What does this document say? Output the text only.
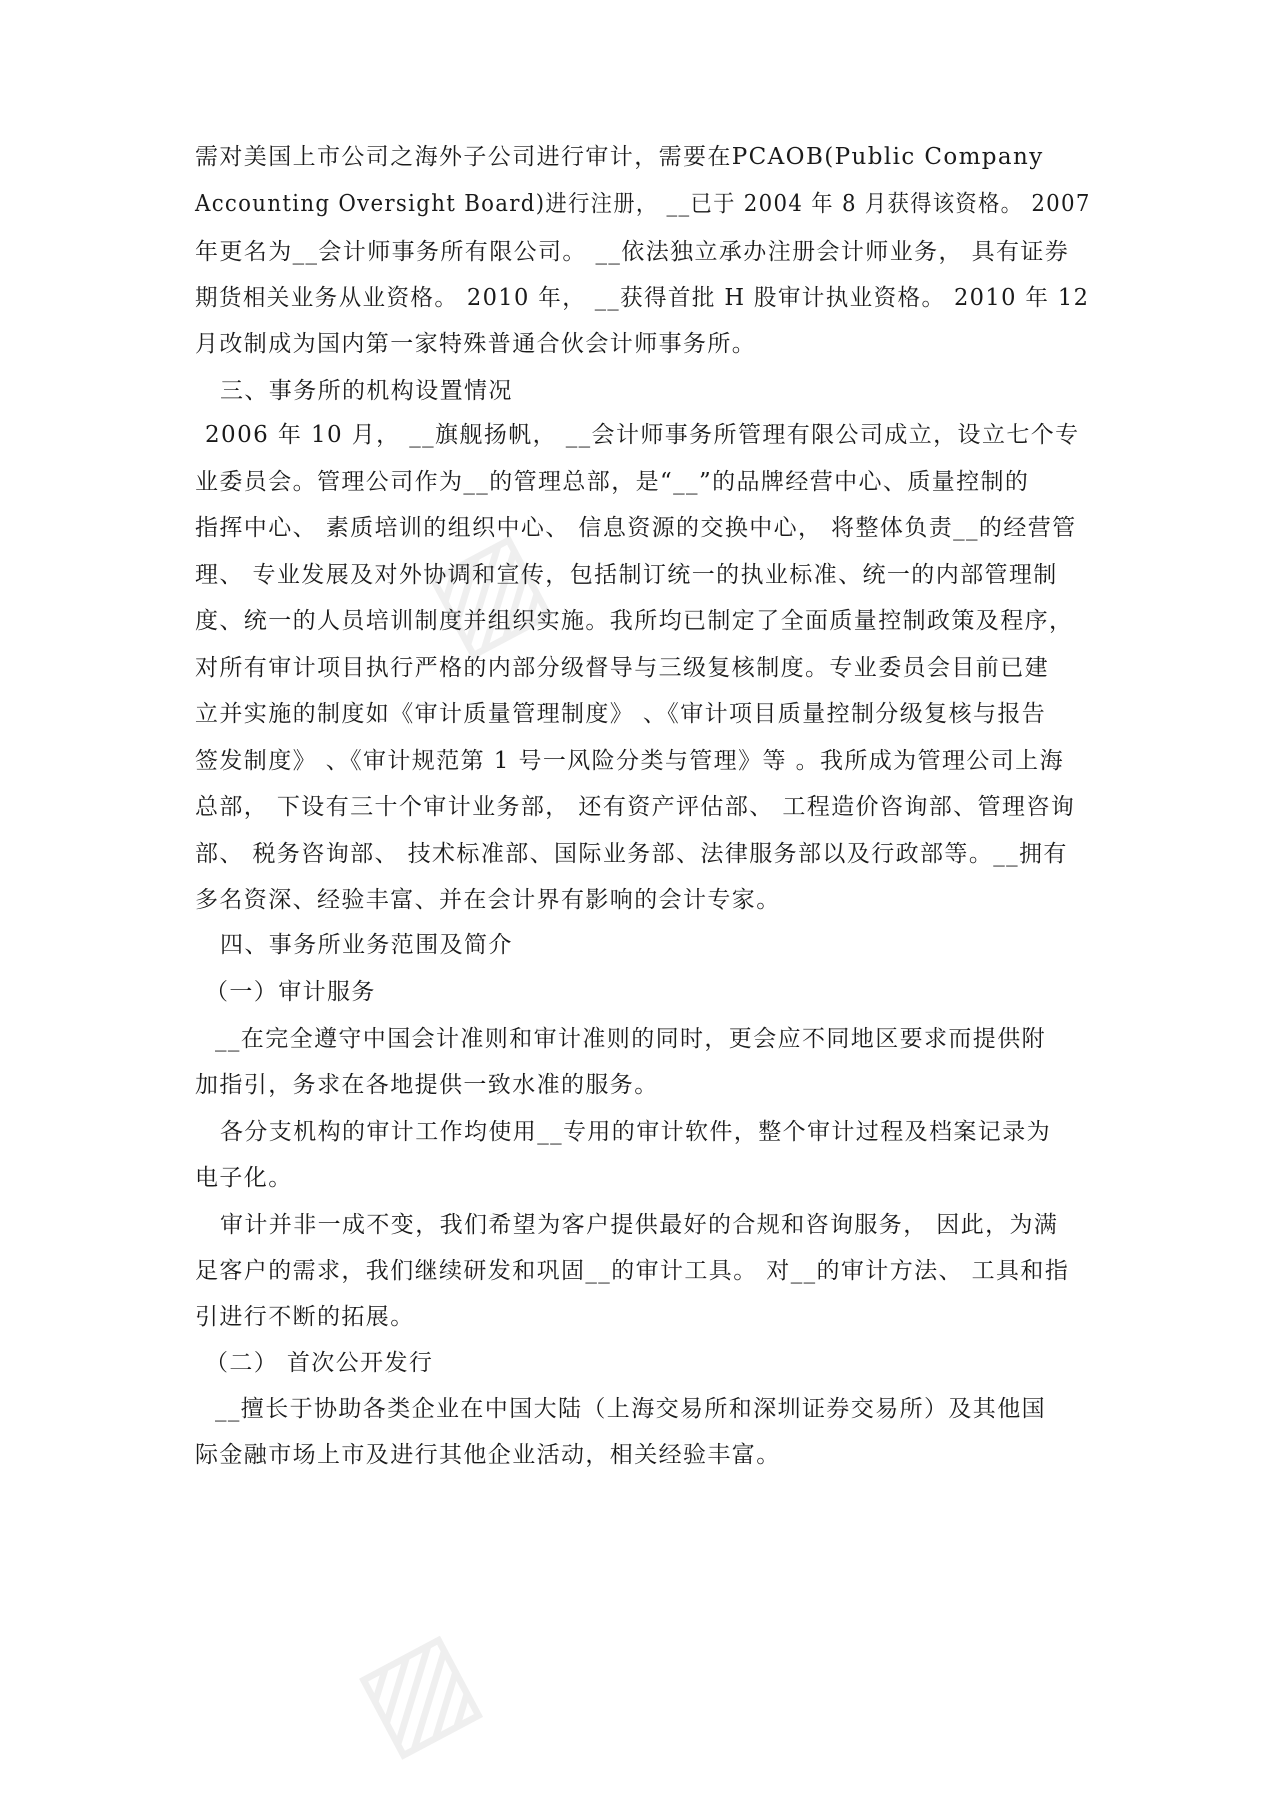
▨
▨
需对美国上市公司之海外子公司进行审计，需要在PCAOB(Public Company
Accounting Oversight Board)进行注册， __已于 2004 年 8 月获得该资格。 2007
年更名为__会计师事务所有限公司。 __依法独立承办注册会计师业务， 具有证券
期货相关业务从业资格。 2010 年， __获得首批 H 股审计执业资格。 2010 年 12
月改制成为国内第一家特殊普通合伙会计师事务所。
三、事务所的机构设置情况
2006 年 10 月， __旗舰扬帆， __会计师事务所管理有限公司成立，设立七个专
业委员会。管理公司作为__的管理总部，是“__”的品牌经营中心、质量控制的
指挥中心、 素质培训的组织中心、 信息资源的交换中心， 将整体负责__的经营管
理、 专业发展及对外协调和宣传，包括制订统一的执业标准、统一的内部管理制
度、统一的人员培训制度并组织实施。我所均已制定了全面质量控制政策及程序，
对所有审计项目执行严格的内部分级督导与三级复核制度。专业委员会目前已建
立并实施的制度如《审计质量管理制度》 、《审计项目质量控制分级复核与报告
签发制度》 、《审计规范第 1 号一风险分类与管理》等 。我所成为管理公司上海
总部， 下设有三十个审计业务部， 还有资产评估部、 工程造价咨询部、管理咨询
部、 税务咨询部、 技术标准部、国际业务部、法律服务部以及行政部等。__拥有
多名资深、经验丰富、并在会计界有影响的会计专家。
四、事务所业务范围及简介
（一）审计服务
__在完全遵守中国会计准则和审计准则的同时，更会应不同地区要求而提供附
加指引，务求在各地提供一致水准的服务。
各分支机构的审计工作均使用__专用的审计软件，整个审计过程及档案记录为
电子化。
审计并非一成不变，我们希望为客户提供最好的合规和咨询服务， 因此，为满
足客户的需求，我们继续研发和巩固__的审计工具。 对__的审计方法、 工具和指
引进行不断的拓展。
（二） 首次公开发行
__擅长于协助各类企业在中国大陆（上海交易所和深圳证券交易所）及其他国
际金融市场上市及进行其他企业活动，相关经验丰富。
